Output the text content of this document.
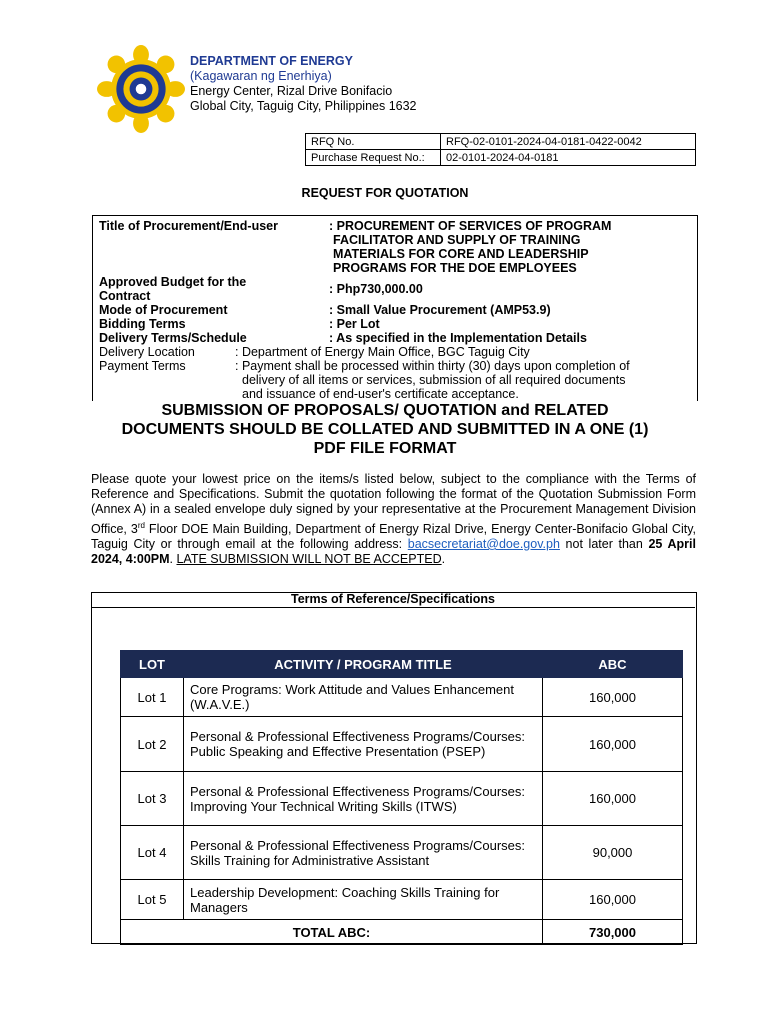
DEPARTMENT OF ENERGY
(Kagawaran ng Enerhiya)
Energy Center, Rizal Drive Bonifacio
Global City, Taguig City, Philippines 1632
RFQ No.	RFQ-02-0101-2024-04-0181-0422-0042
Purchase Request No.:	02-0101-2024-04-0181
REQUEST FOR QUOTATION
Title of Procurement/End-user	: PROCUREMENT OF SERVICES OF PROGRAM
FACILITATOR AND SUPPLY OF TRAINING
MATERIALS FOR CORE AND LEADERSHIP
PROGRAMS FOR THE DOE EMPLOYEES
Approved Budget for the
Contract	: Php730,000.00
Mode of Procurement	: Small Value Procurement (AMP53.9)
Bidding Terms	: Per Lot
Delivery Terms/Schedule	: As specified in the Implementation Details
Delivery Location	: Department of Energy Main Office, BGC Taguig City
Payment Terms	: Payment shall be processed within thirty (30) days upon completion of
delivery of all items or services, submission of all required documents
and issuance of end-user's certificate acceptance.
SUBMISSION OF PROPOSALS/ QUOTATION and RELATED
DOCUMENTS SHOULD BE COLLATED AND SUBMITTED IN A ONE (1)
PDF FILE FORMAT
Please quote your lowest price on the items/s listed below, subject to the compliance with the Terms of Reference and Specifications. Submit the quotation following the format of the Quotation Submission Form (Annex A) in a sealed envelope duly signed by your representative at the Procurement Management Division Office, 3rd Floor DOE Main Building, Department of Energy Rizal Drive, Energy Center-Bonifacio Global City, Taguig City or through email at the following address: bacsecretariat@doe.gov.ph not later than 25 April 2024, 4:00PM. LATE SUBMISSION WILL NOT BE ACCEPTED.
Terms of Reference/Specifications
LOT	ACTIVITY / PROGRAM TITLE	ABC
Lot 1	Core Programs: Work Attitude and Values Enhancement (W.A.V.E.)	160,000
Lot 2	Personal & Professional Effectiveness Programs/Courses: Public Speaking and Effective Presentation (PSEP)	160,000
Lot 3	Personal & Professional Effectiveness Programs/Courses: Improving Your Technical Writing Skills (ITWS)	160,000
Lot 4	Personal & Professional Effectiveness Programs/Courses: Skills Training for Administrative Assistant	90,000
Lot 5	Leadership Development: Coaching Skills Training for Managers	160,000
TOTAL ABC:		730,000
